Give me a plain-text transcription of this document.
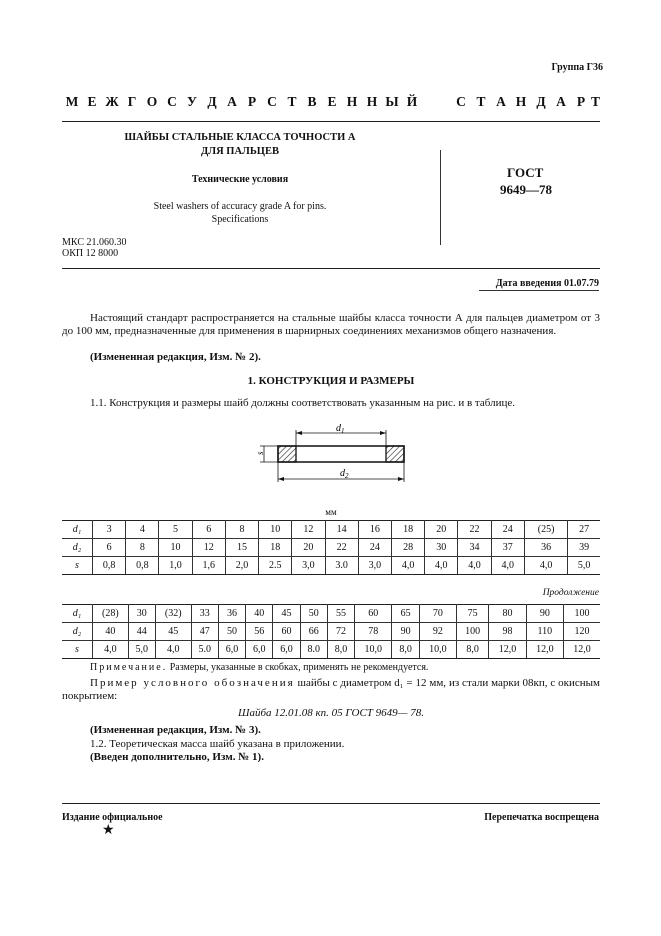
Группа Г36
М Е Ж Г О С У Д А Р С Т В Е Н Н Ы Й	С Т А Н Д А Р Т
ШАЙБЫ СТАЛЬНЫЕ КЛАССА ТОЧНОСТИ А
ДЛЯ ПАЛЬЦЕВ
Технические условия
Steel washers of accuracy grade A for pins.
Specifications
ГОСТ
9649—78
МКС 21.060.30
ОКП 12 8000
Дата введения 01.07.79
Настоящий стандарт распространяется на стальные шайбы класса точности А для пальцев диаметром от 3 до 100 мм, предназначенные для применения в шарнирных соединениях механизмов общего назначения.
(Измененная редакция, Изм. № 2).
1. КОНСТРУКЦИЯ И РАЗМЕРЫ
1.1. Конструкция и размеры шайб должны соответствовать указанным на рис. и в таблице.
$d_1$
$d_2$
s
мм
d₁	3	4	5	6	8	10	12	14	16	18	20	22	24	(25)	27
d₂	6	8	10	12	15	18	20	22	24	28	30	34	37	36	39
s	0,8	0,8	1,0	1,6	2,0	2.5	3,0	3.0	3,0	4,0	4,0	4,0	4,0	4,0	5,0
Продолжение
d₁	(28)	30	(32)	33	36	40	45	50	55	60	65	70	75	80	90	100
d₂	40	44	45	47	50	56	60	66	72	78	90	92	100	98	110	120
s	4,0	5,0	4,0	5.0	6,0	6,0	6,0	8.0	8,0	10,0	8,0	10,0	8,0	12,0	12,0	12,0
Примечание. Размеры, указанные в скобках, применять не рекомендуется.
Пример условного обозначения шайбы с диаметром d₁ = 12 мм, из стали марки 08кп, с окисным покрытием:
Шайба 12.01.08 кп. 05 ГОСТ 9649— 78.
(Измененная редакция, Изм. № 3).
1.2. Теоретическая масса шайб указана в приложении.
(Введен дополнительно, Изм. № 1).
Издание официальное	Перепечатка воспрещена
★
